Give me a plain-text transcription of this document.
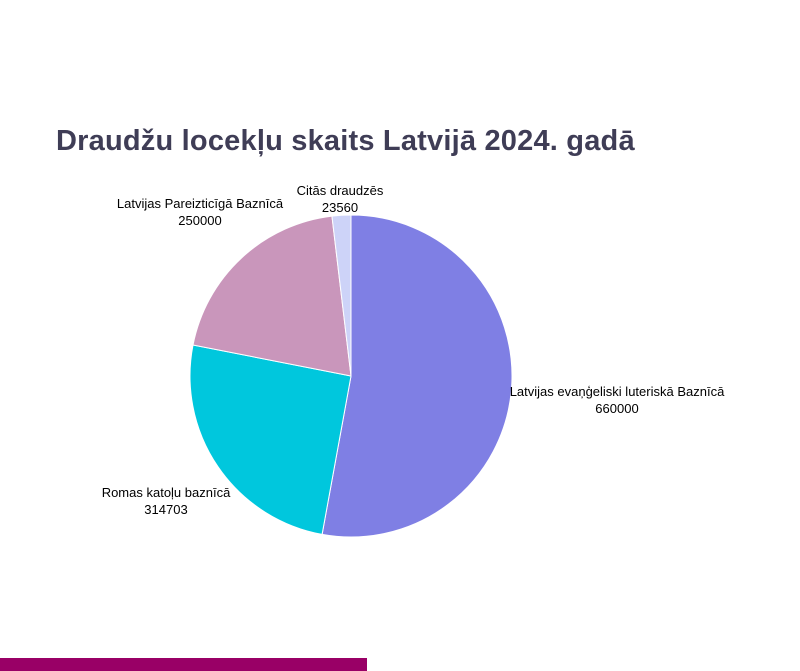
Draudžu locekļu skaits Latvijā 2024. gadā
Latvijas evaņģeliski luteriskā Baznīcā
660000
Romas katoļu baznīcā
314703
Latvijas Pareizticīgā Baznīcā
250000
Citās draudzēs
23560
